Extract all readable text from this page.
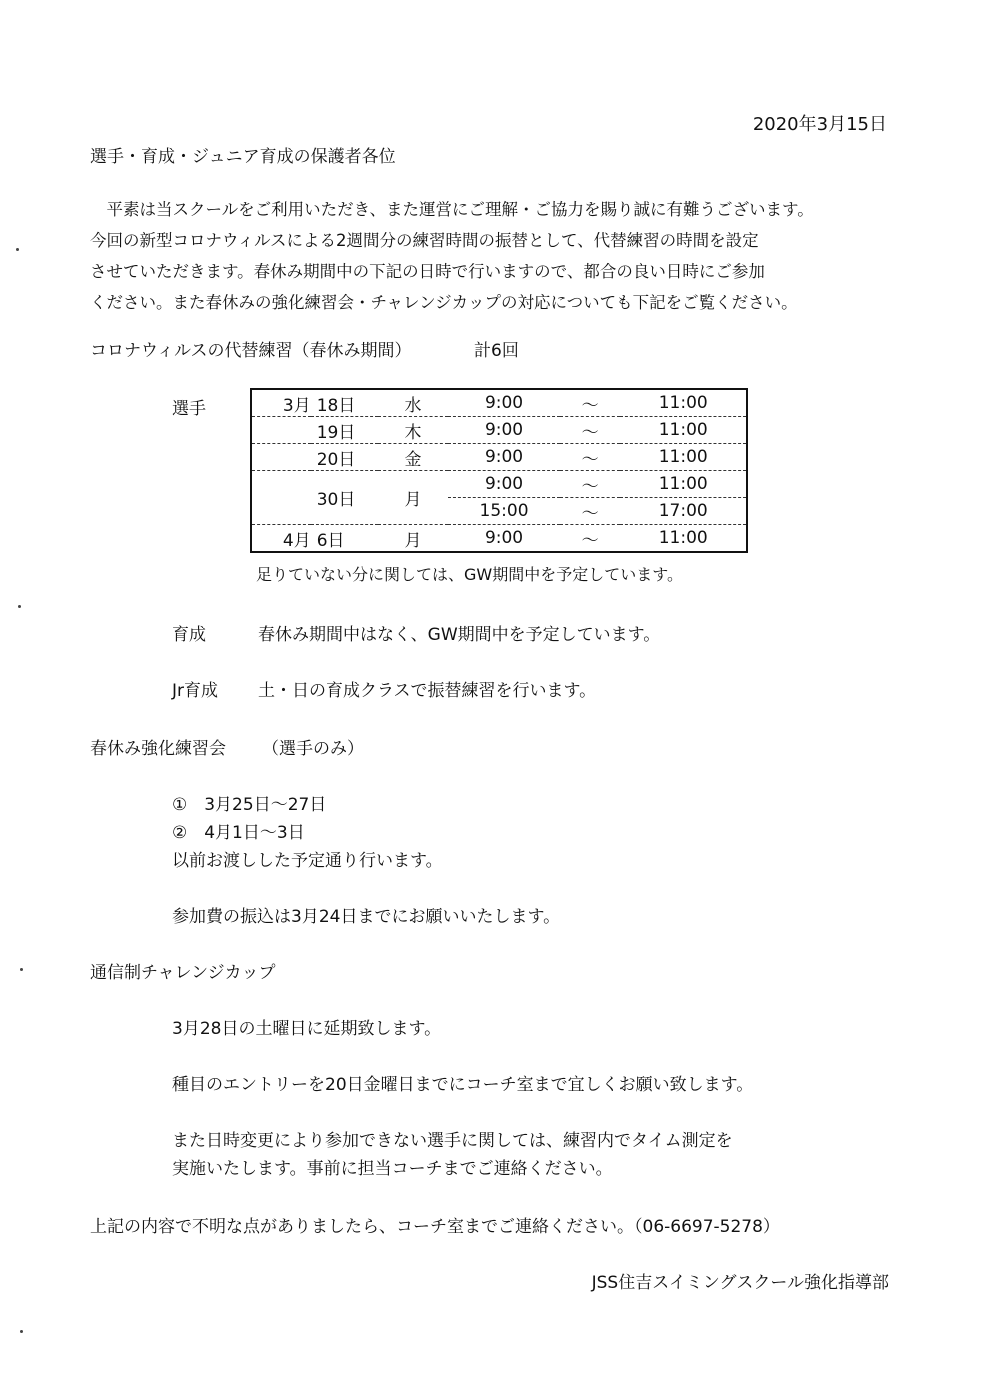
2020年3月15日
選手・育成・ジュニア育成の保護者各位
　平素は当スクールをご利用いただき、また運営にご理解・ご協力を賜り誠に有難うございます。
今回の新型コロナウィルスによる2週間分の練習時間の振替として、代替練習の時間を設定
させていただきます。春休み期間中の下記の日時で行いますので、都合の良い日時にご参加
ください。また春休みの強化練習会・チャレンジカップの対応についても下記をご覧ください。
コロナウィルスの代替練習（春休み期間）	計6回
選手	3月	18日	水	9:00	～	11:00
	19日	木	9:00	～	11:00
	20日	金	9:00	～	11:00
	30日	月	9:00	～	11:00
			15:00	～	17:00
4月	6日	月	9:00	～	11:00
足りていない分に関しては、GW期間中を予定しています。
育成	春休み期間中はなく、GW期間中を予定しています。
Jr育成 土・日の育成クラスで振替練習を行います。
春休み強化練習会 （選手のみ）
①　3月25日～27日
②　4月1日～3日
以前お渡しした予定通り行います。
参加費の振込は3月24日までにお願いいたします。
通信制チャレンジカップ
3月28日の土曜日に延期致します。
種目のエントリーを20日金曜日までにコーチ室まで宜しくお願い致します。
また日時変更により参加できない選手に関しては、練習内でタイム測定を
実施いたします。事前に担当コーチまでご連絡ください。
上記の内容で不明な点がありましたら、コーチ室までご連絡ください。（06-6697-5278）
JSS住吉スイミングスクール強化指導部
